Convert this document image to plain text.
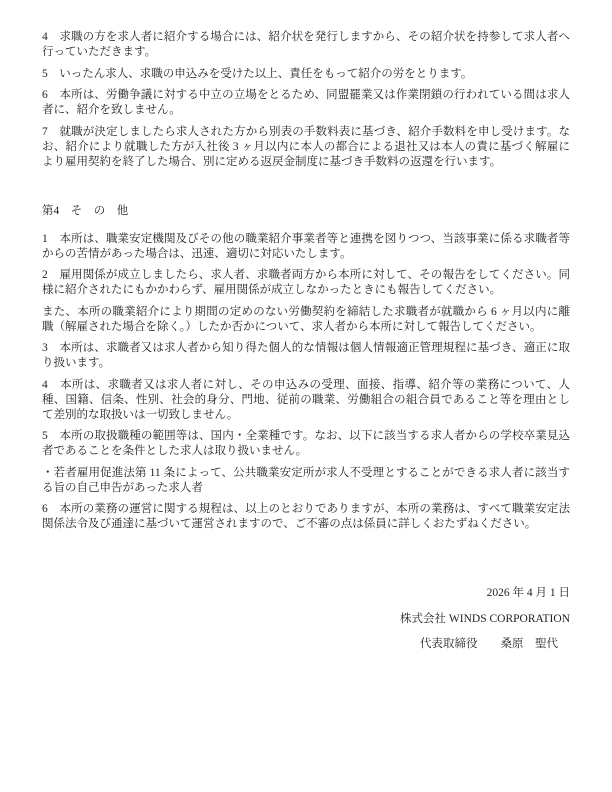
4　求職の方を求人者に紹介する場合には、紹介状を発行しますから、その紹介状を持参して求人者へ行っていただきます。

5　いったん求人、求職の申込みを受けた以上、責任をもって紹介の労をとります。

6　本所は、労働争議に対する中立の立場をとるため、同盟罷業又は作業閉鎖の行われている間は求人者に、紹介を致しません。

7　就職が決定しましたら求人された方から別表の手数料表に基づき、紹介手数料を申し受けます。なお、紹介により就職した方が入社後 3 ヶ月以内に本人の都合による退社又は本人の責に基づく解雇により雇用契約を終了した場合、別に定める返戻金制度に基づき手数料の返還を行います。

第4　そ　の　他

1　本所は、職業安定機関及びその他の職業紹介事業者等と連携を図りつつ、当該事業に係る求職者等からの苦情があった場合は、迅速、適切に対応いたします。

2　雇用関係が成立しましたら、求人者、求職者両方から本所に対して、その報告をしてください。同様に紹介されたにもかかわらず、雇用関係が成立しなかったときにも報告してください。

また、本所の職業紹介により期間の定めのない労働契約を締結した求職者が就職から 6 ヶ月以内に離職（解雇された場合を除く。）したか否かについて、求人者から本所に対して報告してください。

3　本所は、求職者又は求人者から知り得た個人的な情報は個人情報適正管理規程に基づき、適正に取り扱います。

4　本所は、求職者又は求人者に対し、その申込みの受理、面接、指導、紹介等の業務について、人種、国籍、信条、性別、社会的身分、門地、従前の職業、労働組合の組合員であること等を理由として差別的な取扱いは一切致しません。

5　本所の取扱職種の範囲等は、国内・全業種です。なお、以下に該当する求人者からの学校卒業見込者であることを条件とした求人は取り扱いません。

・若者雇用促進法第 11 条によって、公共職業安定所が求人不受理とすることができる求人者に該当する旨の自己申告があった求人者

6　本所の業務の運営に関する規程は、以上のとおりでありますが、本所の業務は、すべて職業安定法関係法令及び通達に基づいて運営されますので、ご不審の点は係員に詳しくおたずねください。

2026 年 4 月 1 日

株式会社 WINDS CORPORATION

代表取締役　　桑原　聖代
